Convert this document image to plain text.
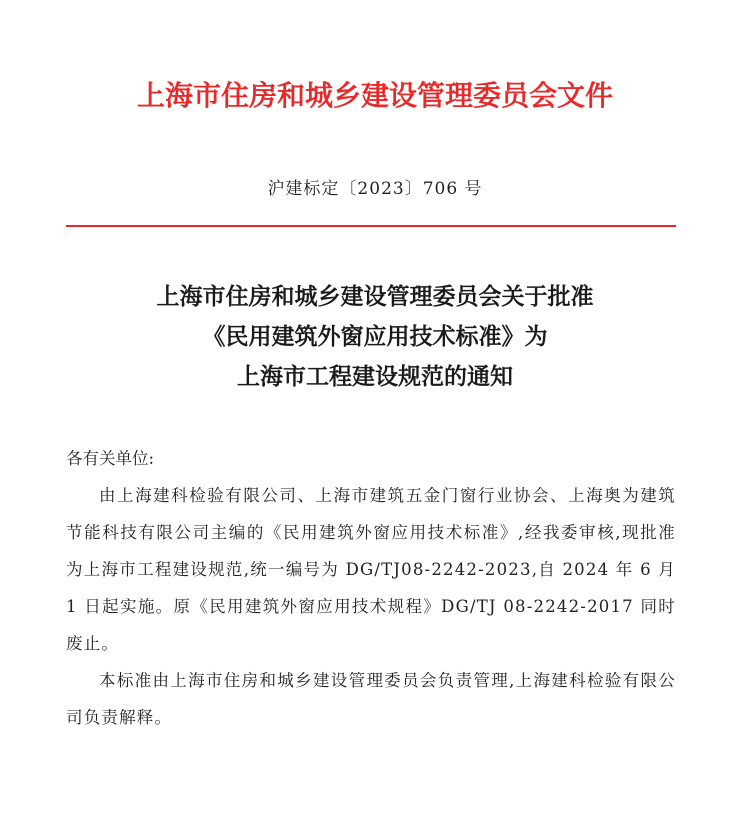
上海市住房和城乡建设管理委员会文件
沪建标定〔2023〕706 号
上海市住房和城乡建设管理委员会关于批准
《民用建筑外窗应用技术标准》为
上海市工程建设规范的通知

各有关单位:

由上海建科检验有限公司、上海市建筑五金门窗行业协会、上海奥为建筑节能科技有限公司主编的《民用建筑外窗应用技术标准》,经我委审核,现批准为上海市工程建设规范,统一编号为 DG/TJ08-2242-2023,自 2024 年 6 月 1 日起实施。原《民用建筑外窗应用技术规程》DG/TJ 08-2242-2017 同时废止。

本标准由上海市住房和城乡建设管理委员会负责管理,上海建科检验有限公司负责解释。
